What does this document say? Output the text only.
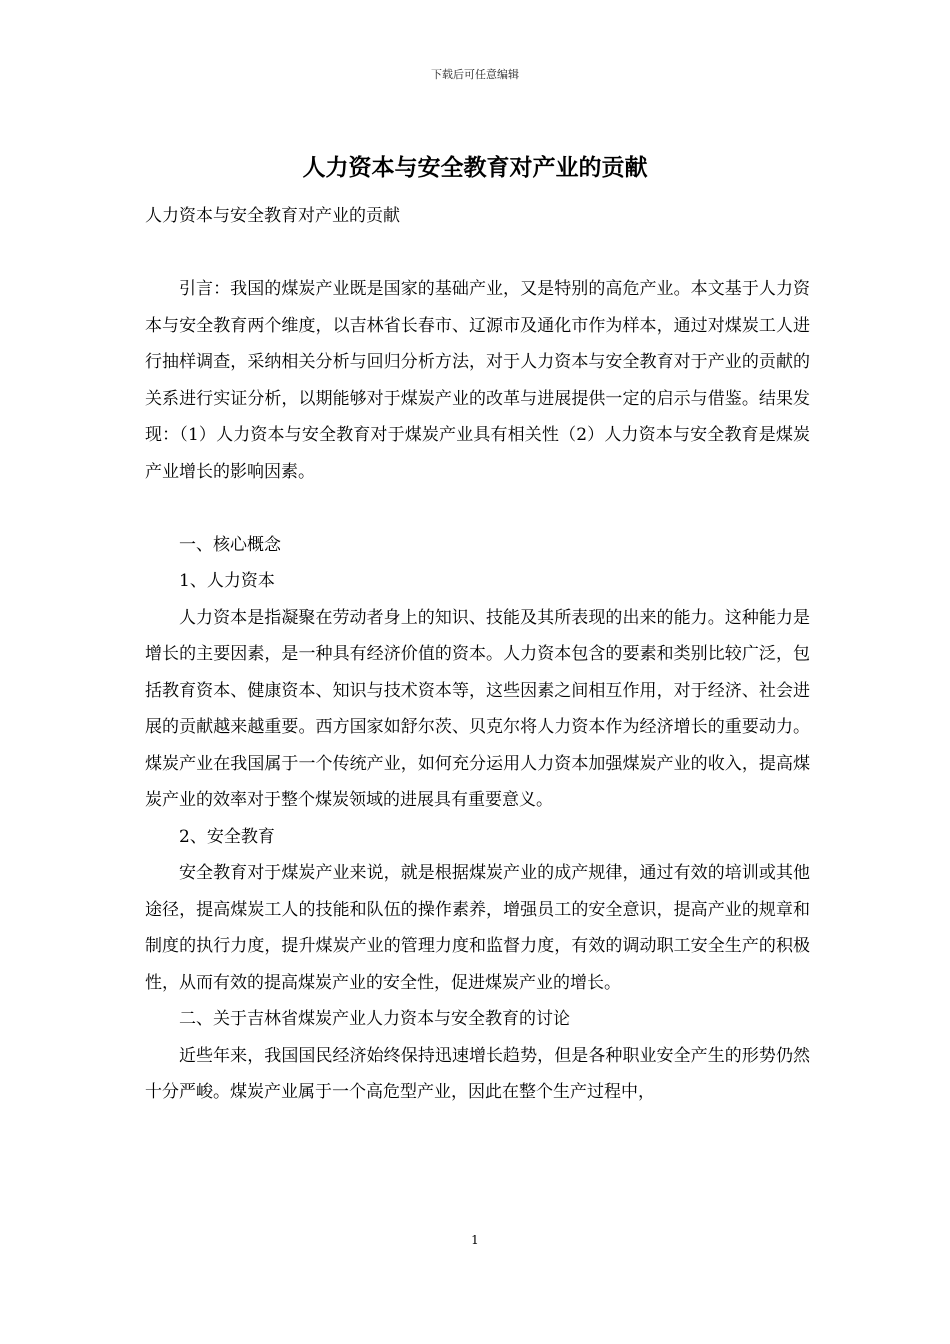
下载后可任意编辑
人力资本与安全教育对产业的贡献

人力资本与安全教育对产业的贡献

引言：我国的煤炭产业既是国家的基础产业，又是特别的高危产业。本文基于人力资本与安全教育两个维度，以吉林省长春市、辽源市及通化市作为样本，通过对煤炭工人进行抽样调查，采纳相关分析与回归分析方法，对于人力资本与安全教育对于产业的贡献的关系进行实证分析，以期能够对于煤炭产业的改革与进展提供一定的启示与借鉴。结果发现：（1）人力资本与安全教育对于煤炭产业具有相关性（2）人力资本与安全教育是煤炭产业增长的影响因素。

一、核心概念

1、人力资本

人力资本是指凝聚在劳动者身上的知识、技能及其所表现的出来的能力。这种能力是增长的主要因素，是一种具有经济价值的资本。人力资本包含的要素和类别比较广泛，包括教育资本、健康资本、知识与技术资本等，这些因素之间相互作用，对于经济、社会进展的贡献越来越重要。西方国家如舒尔茨、贝克尔将人力资本作为经济增长的重要动力。煤炭产业在我国属于一个传统产业，如何充分运用人力资本加强煤炭产业的收入，提高煤炭产业的效率对于整个煤炭领域的进展具有重要意义。

2、安全教育

安全教育对于煤炭产业来说，就是根据煤炭产业的成产规律，通过有效的培训或其他途径，提高煤炭工人的技能和队伍的操作素养，增强员工的安全意识，提高产业的规章和制度的执行力度，提升煤炭产业的管理力度和监督力度，有效的调动职工安全生产的积极性，从而有效的提高煤炭产业的安全性，促进煤炭产业的增长。

二、关于吉林省煤炭产业人力资本与安全教育的讨论

近些年来，我国国民经济始终保持迅速增长趋势，但是各种职业安全产生的形势仍然十分严峻。煤炭产业属于一个高危型产业，因此在整个生产过程中，

1
